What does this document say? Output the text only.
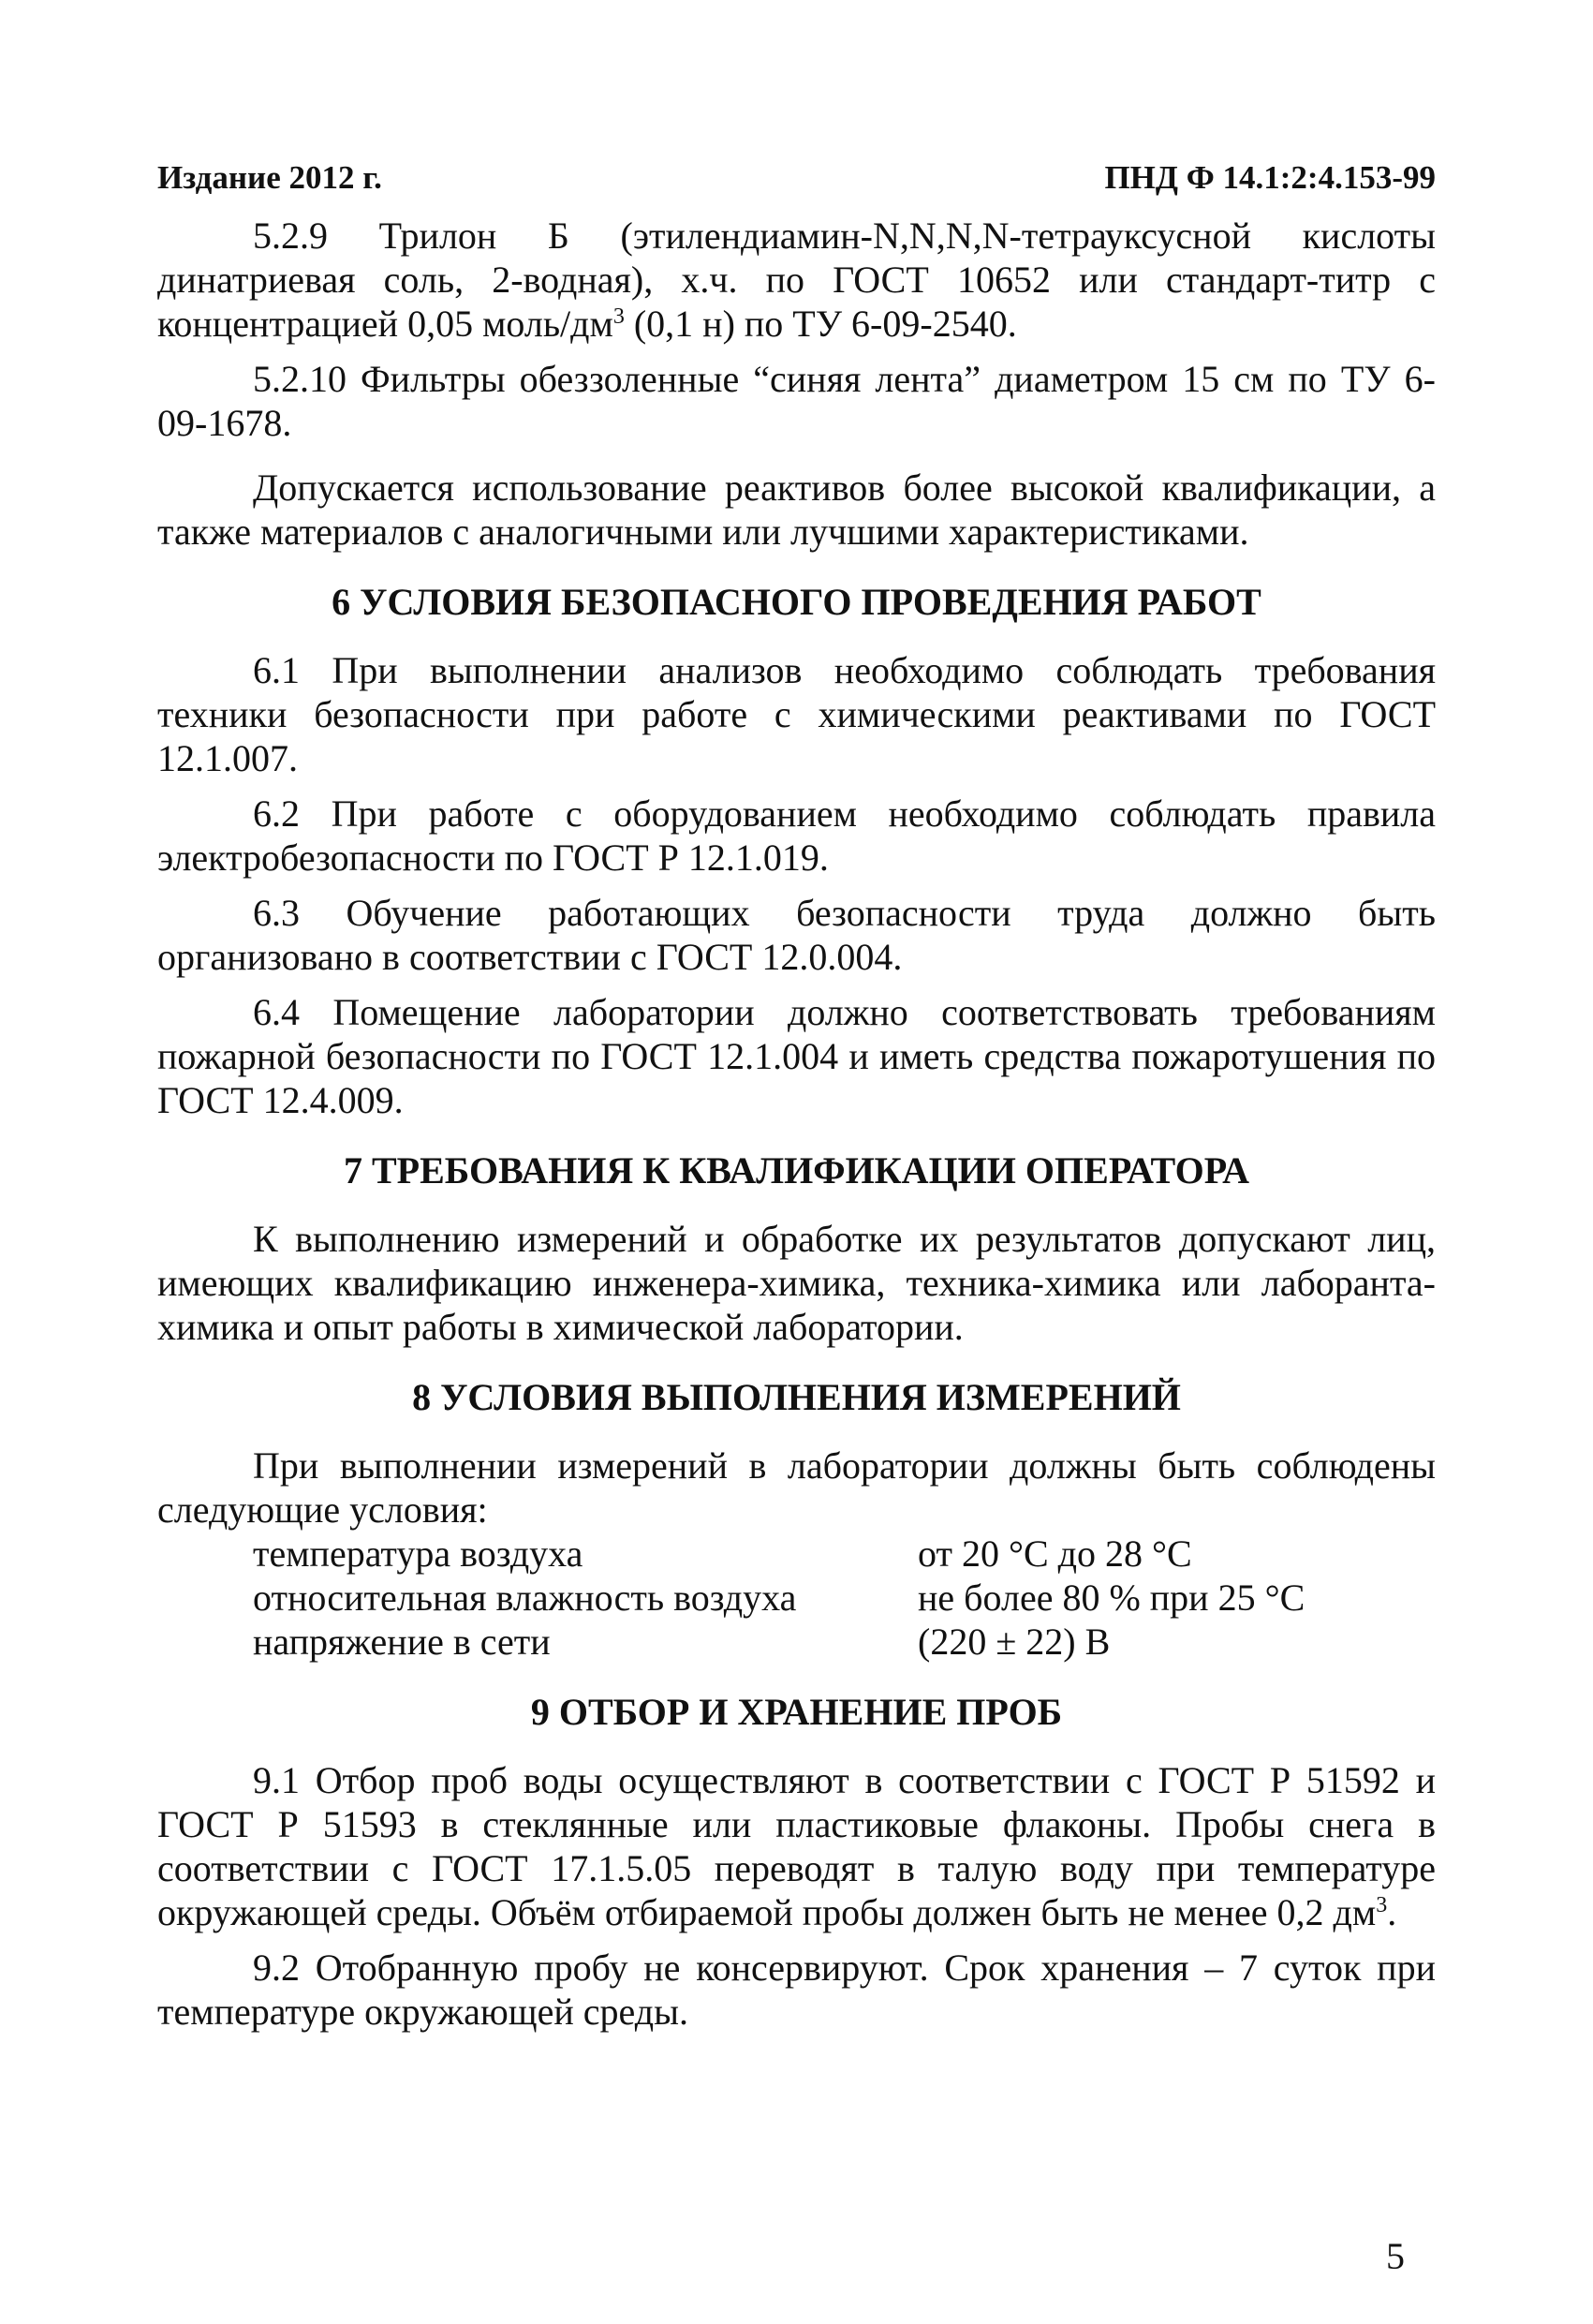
Издание 2012 г.	ПНД Ф 14.1:2:4.153-99

5.2.9 Трилон Б (этилендиамин-N,N,N,N-тетрауксусной кислоты динатриевая соль, 2-водная), х.ч. по ГОСТ 10652 или стандарт-титр с концентрацией 0,05 моль/$дм^3$ (0,1 н) по ТУ 6-09-2540.

5.2.10 Фильтры обеззоленные “синяя лента” диаметром 15 см по ТУ 6-09-1678.

Допускается использование реактивов более высокой квалификации, а также материалов с аналогичными или лучшими характеристиками.

6 УСЛОВИЯ БЕЗОПАСНОГО ПРОВЕДЕНИЯ РАБОТ

6.1 При выполнении анализов необходимо соблюдать требования техники безопасности при работе с химическими реактивами по ГОСТ 12.1.007.

6.2 При работе с оборудованием необходимо соблюдать правила электробезопасности по ГОСТ Р 12.1.019.

6.3 Обучение работающих безопасности труда должно быть организовано в соответствии с ГОСТ 12.0.004.

6.4 Помещение лаборатории должно соответствовать требованиям пожарной безопасности по ГОСТ 12.1.004 и иметь средства пожаротушения по ГОСТ 12.4.009.

7 ТРЕБОВАНИЯ К КВАЛИФИКАЦИИ ОПЕРАТОРА

К выполнению измерений и обработке их результатов допускают лиц, имеющих квалификацию инженера-химика, техника-химика или лаборанта-химика и опыт работы в химической лаборатории.

8 УСЛОВИЯ ВЫПОЛНЕНИЯ ИЗМЕРЕНИЙ

При выполнении измерений в лаборатории должны быть соблюдены следующие условия:

температура воздуха	от 20 °С до 28 °С
относительная влажность воздуха	не более 80 % при 25 °С
напряжение в сети	(220 ± 22) В
9 ОТБОР И ХРАНЕНИЕ ПРОБ

9.1 Отбор проб воды осуществляют в соответствии с ГОСТ Р 51592 и ГОСТ Р 51593 в стеклянные или пластиковые флаконы. Пробы снега в соответствии с ГОСТ 17.1.5.05 переводят в талую воду при температуре окружающей среды. Объём отбираемой пробы должен быть не менее 0,2 $дм^3$.

9.2 Отобранную пробу не консервируют. Срок хранения – 7 суток при температуре окружающей среды.

5
